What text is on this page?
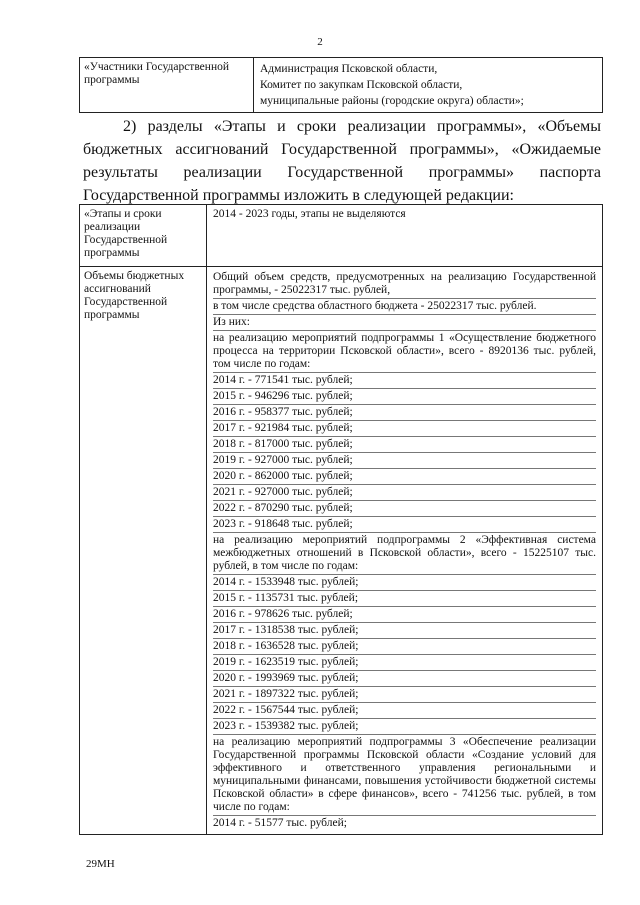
2
«Участники Государственной программы
Администрация Псковской области,
Комитет по закупкам Псковской области,
муниципальные районы (городские округа) области»;
2) разделы «Этапы и сроки реализации программы», «Объемы бюджетных ассигнований Государственной программы», «Ожидаемые результаты реализации Государственной программы» паспорта Государственной программы изложить в следующей редакции:
«Этапы и сроки реализации Государственной программы
2014 - 2023 годы, этапы не выделяются
Объемы бюджетных ассигнований Государственной программы
Общий объем средств, предусмотренных на реализацию Государственной программы, - 25022317 тыс. рублей,
в том числе средства областного бюджета - 25022317 тыс. рублей.
Из них:
на реализацию мероприятий подпрограммы 1 «Осуществление бюджетного процесса на территории Псковской области», всего - 8920136 тыс. рублей, том числе по годам:
2014 г. - 771541 тыс. рублей;
2015 г. - 946296 тыс. рублей;
2016 г. - 958377 тыс. рублей;
2017 г. - 921984 тыс. рублей;
2018 г. - 817000 тыс. рублей;
2019 г. - 927000 тыс. рублей;
2020 г. - 862000 тыс. рублей;
2021 г. - 927000 тыс. рублей;
2022 г. - 870290 тыс. рублей;
2023 г. - 918648 тыс. рублей;
на реализацию мероприятий подпрограммы 2 «Эффективная система межбюджетных отношений в Псковской области», всего - 15225107 тыс. рублей, в том числе по годам:
2014 г. - 1533948 тыс. рублей;
2015 г. - 1135731 тыс. рублей;
2016 г. - 978626 тыс. рублей;
2017 г. - 1318538 тыс. рублей;
2018 г. - 1636528 тыс. рублей;
2019 г. - 1623519 тыс. рублей;
2020 г. - 1993969 тыс. рублей;
2021 г. - 1897322 тыс. рублей;
2022 г. - 1567544 тыс. рублей;
2023 г. - 1539382 тыс. рублей;
на реализацию мероприятий подпрограммы 3 «Обеспечение реализации Государственной программы Псковской области «Создание условий для эффективного и ответственного управления региональными и муниципальными финансами, повышения устойчивости бюджетной системы Псковской области» в сфере финансов», всего - 741256 тыс. рублей, в том числе по годам:
2014 г. - 51577 тыс. рублей;
29МН
